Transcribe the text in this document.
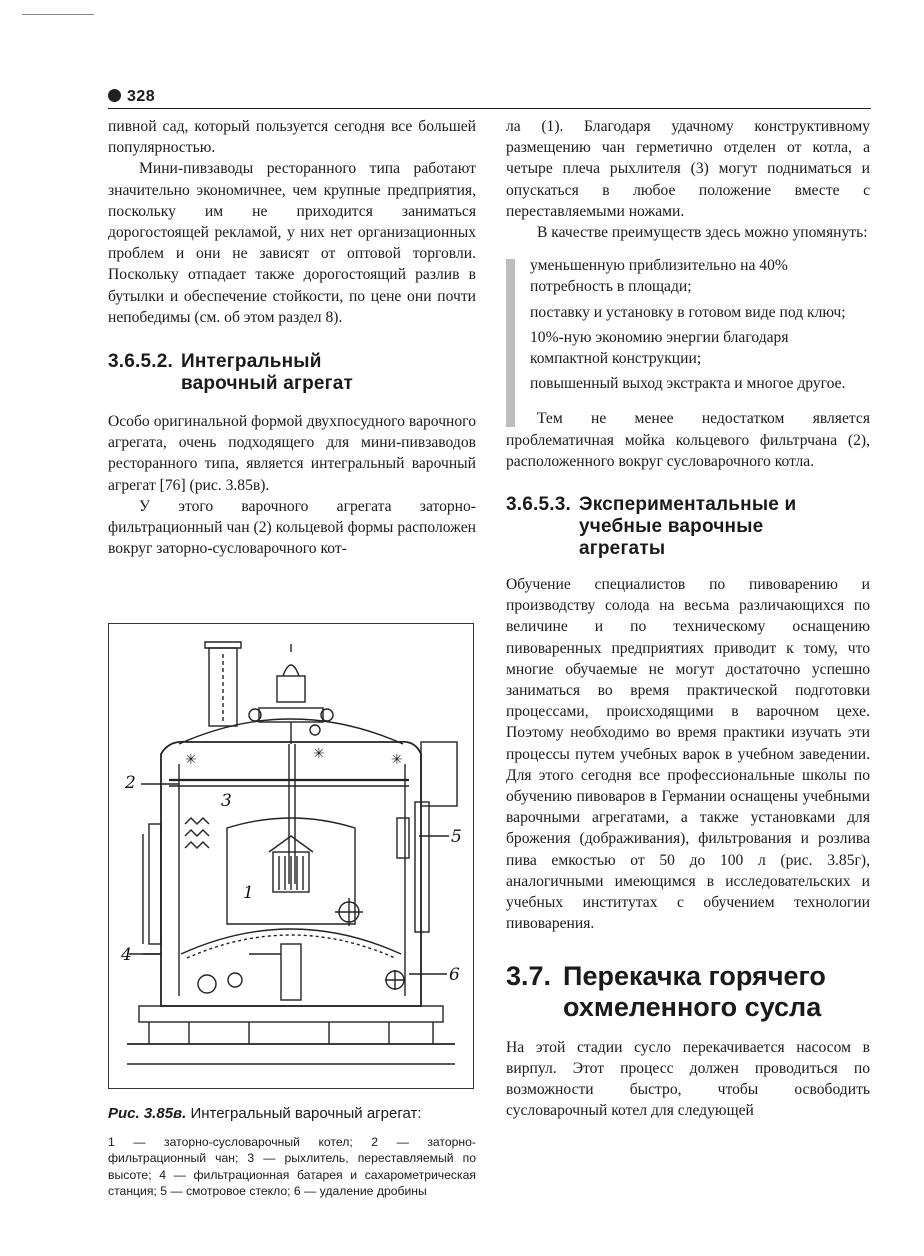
328

пивной сад, который пользуется сегодня все большей популярностью.

Мини-пивзаводы ресторанного типа работают значительно экономичнее, чем крупные предприятия, поскольку им не приходится заниматься дорогостоящей рекламой, у них нет организационных проблем и они не зависят от оптовой торговли. Поскольку отпадает также дорогостоящий разлив в бутылки и обеспечение стойкости, по цене они почти непобедимы (см. об этом раздел 8).

3.6.5.2. Интегральный варочный агрегат

Особо оригинальной формой двухпосудного варочного агрегата, очень подходящего для мини-пивзаводов ресторанного типа, является интегральный варочный агрегат [76] (рис. 3.85в).

У этого варочного агрегата заторно-фильтрационный чан (2) кольцевой формы расположен вокруг заторно-сусловарочного кот-

ла (1). Благодаря удачному конструктивному размещению чан герметично отделен от котла, а четыре плеча рыхлителя (3) могут подниматься и опускаться в любое положение вместе с переставляемыми ножами.

В качестве преимуществ здесь можно упомянуть:

уменьшенную приблизительно на 40% потребность в площади;

поставку и установку в готовом виде под ключ;

10%-ную экономию энергии благодаря компактной конструкции;

повышенный выход экстракта и многое другое.

Тем не менее недостатком является проблематичная мойка кольцевого фильтрчана (2), расположенного вокруг сусловарочного котла.

3.6.5.3. Экспериментальные и учебные варочные агрегаты

Обучение специалистов по пивоварению и производству солода на весьма различающихся по величине и по техническому оснащению пивоваренных предприятиях приводит к тому, что многие обучаемые не могут достаточно успешно заниматься во время практической подготовки процессами, происходящими в варочном цехе. Поэтому необходимо во время практики изучать эти процессы путем учебных варок в учебном заведении. Для этого сегодня все профессиональные школы по обучению пивоваров в Германии оснащены учебными варочными агрегатами, а также установками для брожения (дображивания), фильтрования и розлива пива емкостью от 50 до 100 л (рис. 3.85г), аналогичными имеющимся в исследовательских и учебных институтах с обучением технологии пивоварения.

3.7. Перекачка горячего охмеленного сусла

На этой стадии сусло перекачивается насосом в вирпул. Этот процесс должен проводиться по возможности быстро, чтобы освободить сусловарочный котел для следующей

✳	✳	✳
1
2
3
4
5
6
Рис. 3.85в. Интегральный варочный агрегат:
1 — заторно-сусловарочный котел; 2 — заторно-фильтрационный чан; 3 — рыхлитель, переставляемый по высоте; 4 — фильтрационная батарея и сахарометрическая станция; 5 — смотровое стекло; 6 — удаление дробины
